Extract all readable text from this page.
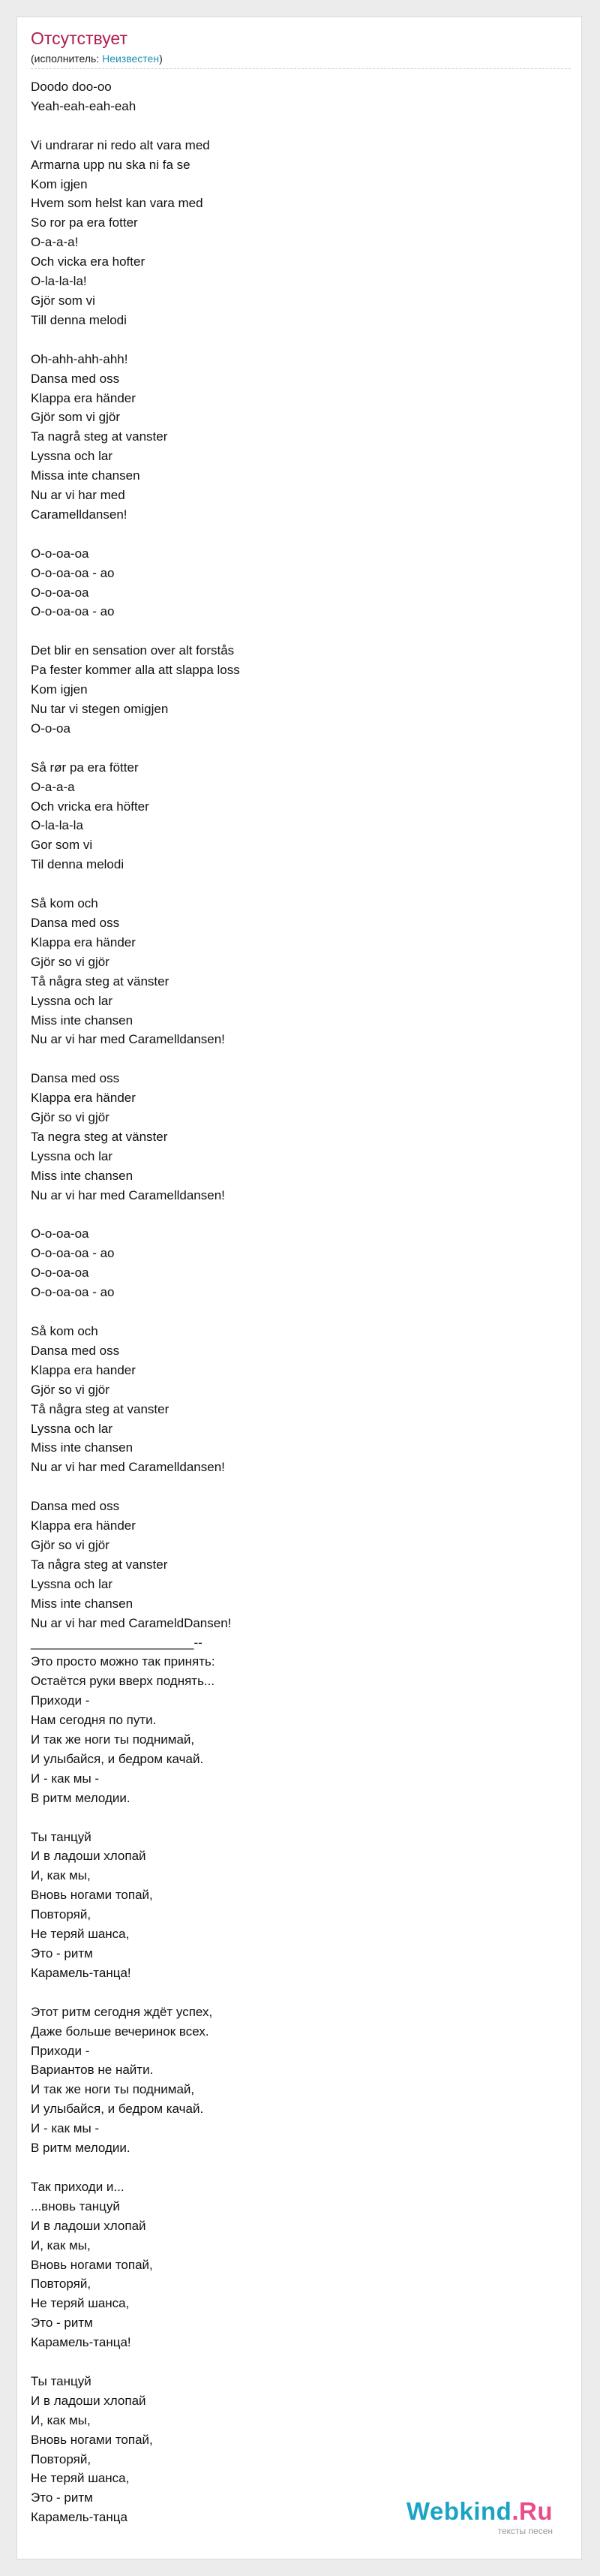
Отсутствует
(исполнитель: Неизвестен)
Doodo doo-oo
Yeah-eah-eah-eah

Vi undrarar ni redo alt vara med
Armarna upp nu ska ni fa se
Kom igjen
Hvem som helst kan vara med
So ror pa era fotter
O-a-a-a!
Och vicka era hofter
O-la-la-la!
Gjör som vi
Till denna melodi

Oh-ahh-ahh-ahh!
Dansa med oss
Klappa era händer
Gjör som vi gjör
Ta nagrå steg at vanster
Lyssna och lar
Missa inte chansen
Nu ar vi har med
Caramelldansen!

O-o-oa-oa
O-o-oa-oa - ao
O-o-oa-oa
O-o-oa-oa - ao

Det blir en sensation over alt forstås
Pa fester kommer alla att slappa loss
Kom igjen
Nu tar vi stegen omigjen
O-o-oa

Så rør pa era fötter
O-a-a-a
Och vricka era höfter
O-la-la-la
Gor som vi
Til denna melodi

Så kom och
Dansa med oss
Klappa era händer
Gjör so vi gjör
Tå några steg at vänster
Lyssna och lar
Miss inte chansen
Nu ar vi har med Caramelldansen!

Dansa med oss
Klappa era händer
Gjör so vi gjör
Ta negra steg at vänster
Lyssna och lar
Miss inte chansen
Nu ar vi har med Caramelldansen!

O-o-oa-oa
O-o-oa-oa - ao
O-o-oa-oa
O-o-oa-oa - ao

Så kom och
Dansa med oss
Klappa era hander
Gjör so vi gjör
Tå några steg at vanster
Lyssna och lar
Miss inte chansen
Nu ar vi har med Caramelldansen!

Dansa med oss
Klappa era händer
Gjör so vi gjör
Ta några steg at vanster
Lyssna och lar
Miss inte chansen
Nu ar vi har med CarameldDansen!
_______________________--
Это просто можно так принять:
Остаётся руки вверх поднять...
Приходи -
Нам сегодня по пути.
И так же ноги ты поднимай,
И улыбайся, и бедром качай.
И - как мы -
В ритм мелодии.

Ты танцуй
И в ладоши хлопай
И, как мы,
Вновь ногами топай,
Повторяй,
Не теряй шанса,
Это - ритм
Карамель-танца!

Этот ритм сегодня ждёт успех,
Даже больше вечеринок всех.
Приходи -
Вариантов не найти.
И так же ноги ты поднимай,
И улыбайся, и бедром качай.
И - как мы -
В ритм мелодии.

Так приходи и...
...вновь танцуй
И в ладоши хлопай
И, как мы,
Вновь ногами топай,
Повторяй,
Не теряй шанса,
Это - ритм
Карамель-танца!

Ты танцуй
И в ладоши хлопай
И, как мы,
Вновь ногами топай,
Повторяй,
Не теряй шанса,
Это - ритм
Карамель-танца	Webkind.Ru
тексты песен
